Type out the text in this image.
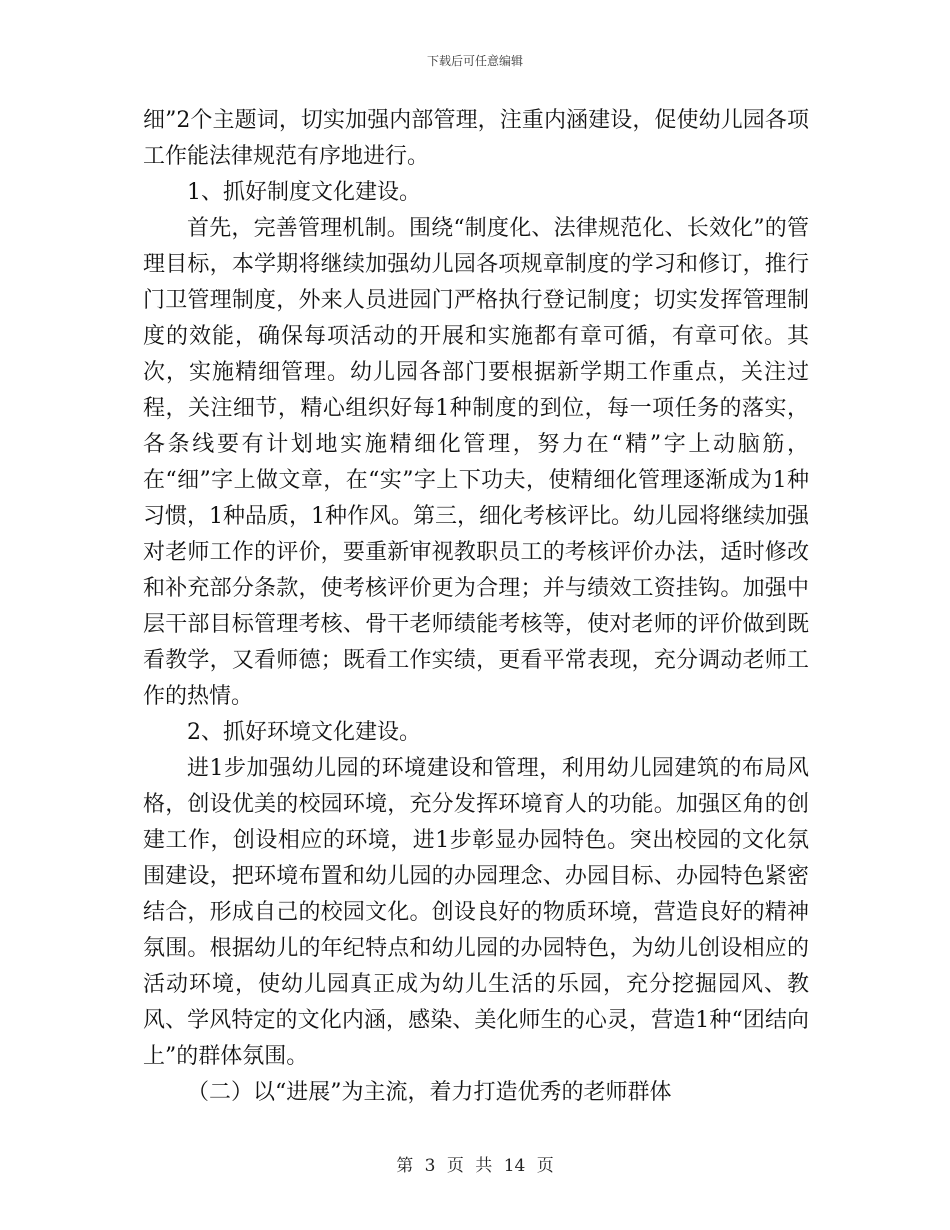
下载后可任意编辑

细”2个主题词，切实加强内部管理，注重内涵建设，促使幼儿园各项工作能法律规范有序地进行。

1、抓好制度文化建设。

首先，完善管理机制。围绕“制度化、法律规范化、长效化”的管理目标，本学期将继续加强幼儿园各项规章制度的学习和修订，推行门卫管理制度，外来人员进园门严格执行登记制度；切实发挥管理制度的效能，确保每项活动的开展和实施都有章可循，有章可依。其次，实施精细管理。幼儿园各部门要根据新学期工作重点，关注过程，关注细节，精心组织好每1种制度的到位，每一项任务的落实，各条线要有计划地实施精细化管理，努力在“精”字上动脑筋，在“细”字上做文章，在“实”字上下功夫，使精细化管理逐渐成为1种习惯，1种品质，1种作风。第三，细化考核评比。幼儿园将继续加强对老师工作的评价，要重新审视教职员工的考核评价办法，适时修改和补充部分条款，使考核评价更为合理；并与绩效工资挂钩。加强中层干部目标管理考核、骨干老师绩能考核等，使对老师的评价做到既看教学，又看师德；既看工作实绩，更看平常表现，充分调动老师工作的热情。

2、抓好环境文化建设。

进1步加强幼儿园的环境建设和管理，利用幼儿园建筑的布局风格，创设优美的校园环境，充分发挥环境育人的功能。加强区角的创建工作，创设相应的环境，进1步彰显办园特色。突出校园的文化氛围建设，把环境布置和幼儿园的办园理念、办园目标、办园特色紧密结合，形成自己的校园文化。创设良好的物质环境，营造良好的精神氛围。根据幼儿的年纪特点和幼儿园的办园特色，为幼儿创设相应的活动环境，使幼儿园真正成为幼儿生活的乐园，充分挖掘园风、教风、学风特定的文化内涵，感染、美化师生的心灵，营造1种“团结向上”的群体氛围。

（二）以“进展”为主流，着力打造优秀的老师群体

第 3 页 共 14 页
